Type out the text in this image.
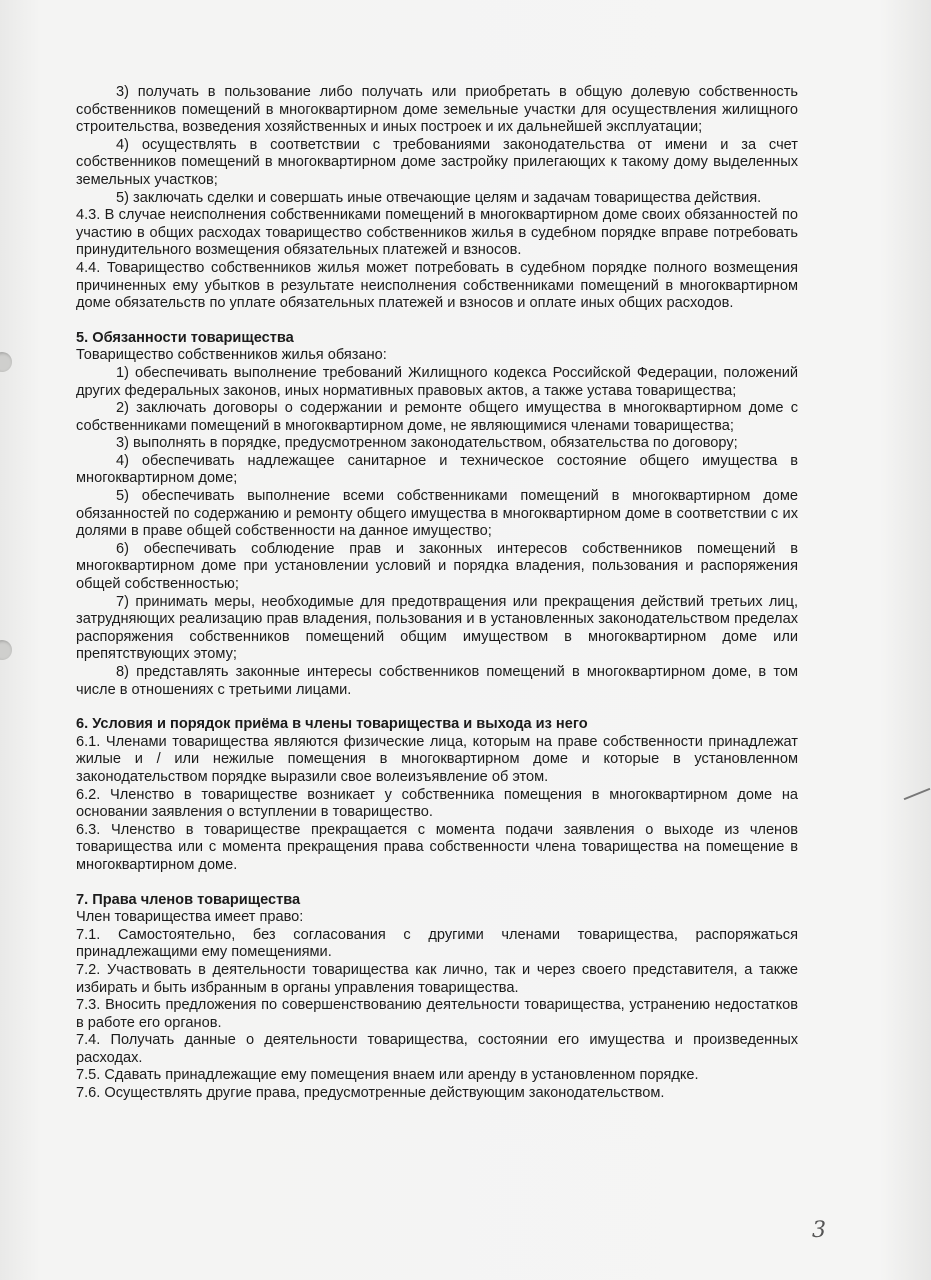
3) получать в пользование либо получать или приобретать в общую долевую собственность собственников помещений в многоквартирном доме земельные участки для осуществления жилищного строительства, возведения хозяйственных и иных построек и их дальнейшей эксплуатации;

4) осуществлять в соответствии с требованиями законодательства от имени и за счет собственников помещений в многоквартирном доме застройку прилегающих к такому дому выделенных земельных участков;

5) заключать сделки и совершать иные отвечающие целям и задачам товарищества действия.

4.3. В случае неисполнения собственниками помещений в многоквартирном доме своих обязанностей по участию в общих расходах товарищество собственников жилья в судебном порядке вправе потребовать принудительного возмещения обязательных платежей и взносов.

4.4. Товарищество собственников жилья может потребовать в судебном порядке полного возмещения причиненных ему убытков в результате неисполнения собственниками помещений в многоквартирном доме обязательств по уплате обязательных платежей и взносов и оплате иных общих расходов.

5. Обязанности товарищества

Товарищество собственников жилья обязано:

1) обеспечивать выполнение требований Жилищного кодекса Российской Федерации, положений других федеральных законов, иных нормативных правовых актов, а также устава товарищества;

2) заключать договоры о содержании и ремонте общего имущества в многоквартирном доме с собственниками помещений в многоквартирном доме, не являющимися членами товарищества;

3) выполнять в порядке, предусмотренном законодательством, обязательства по договору;

4) обеспечивать надлежащее санитарное и техническое состояние общего имущества в многоквартирном доме;

5) обеспечивать выполнение всеми собственниками помещений в многоквартирном доме обязанностей по содержанию и ремонту общего имущества в многоквартирном доме в соответствии с их долями в праве общей собственности на данное имущество;

6) обеспечивать соблюдение прав и законных интересов собственников помещений в многоквартирном доме при установлении условий и порядка владения, пользования и распоряжения общей собственностью;

7) принимать меры, необходимые для предотвращения или прекращения действий третьих лиц, затрудняющих реализацию прав владения, пользования и в установленных законодательством пределах распоряжения собственников помещений общим имуществом в многоквартирном доме или препятствующих этому;

8) представлять законные интересы собственников помещений в многоквартирном доме, в том числе в отношениях с третьими лицами.

6. Условия и порядок приёма в члены товарищества и выхода из него

6.1. Членами товарищества являются физические лица, которым на праве собственности принадлежат жилые и / или нежилые помещения в многоквартирном доме и которые в установленном законодательством порядке выразили свое волеизъявление об этом.

6.2. Членство в товариществе возникает у собственника помещения в многоквартирном доме на основании заявления о вступлении в товарищество.

6.3. Членство в товариществе прекращается с момента подачи заявления о выходе из членов товарищества или с момента прекращения права собственности члена товарищества на помещение в многоквартирном доме.

7. Права членов товарищества

Член товарищества имеет право:

7.1. Самостоятельно, без согласования с другими членами товарищества, распоряжаться принадлежащими ему помещениями.

7.2. Участвовать в деятельности товарищества как лично, так и через своего представителя, а также избирать и быть избранным в органы управления товарищества.

7.3. Вносить предложения по совершенствованию деятельности товарищества, устранению недостатков в работе его органов.

7.4. Получать данные о деятельности товарищества, состоянии его имущества и произведенных расходах.

7.5. Сдавать принадлежащие ему помещения внаем или аренду в установленном порядке.

7.6. Осуществлять другие права, предусмотренные действующим законодательством.

3
